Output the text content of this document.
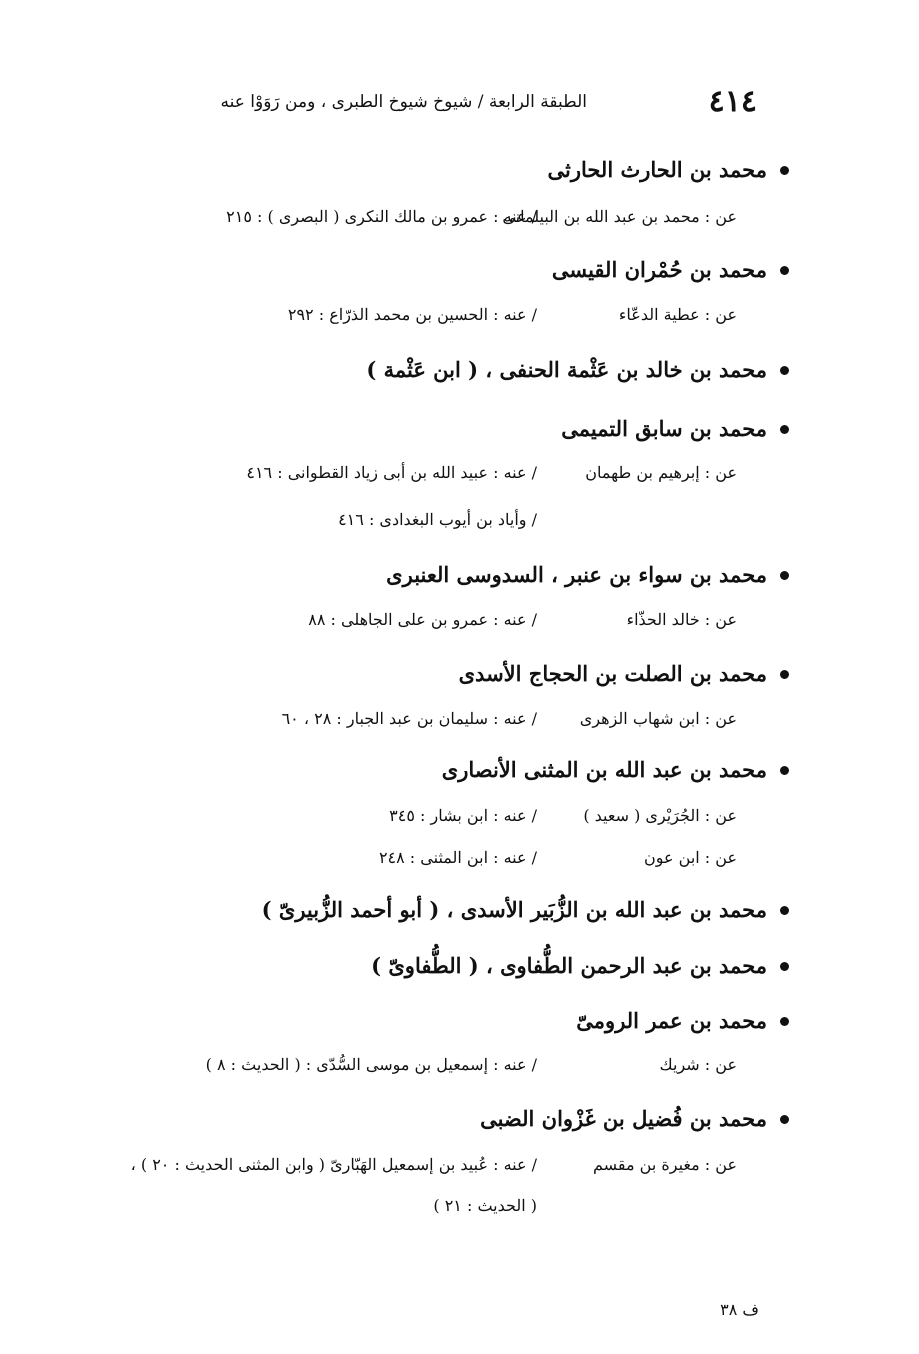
٤١٤
الطبقة الرابعة / شيوخ شيوخ الطبرى ، ومن رَوَوْا عنه
محمد بن الحارث الحارثى
عن : محمد بن عبد الله بن البيلمانى
/ عنه : عمرو بن مالك النكرى ( البصرى ) : ٢١٥
محمد بن حُمْران القيسى
عن : عطية الدعّاء
/ عنه : الحسين بن محمد الذرّاع : ٢٩٢
محمد بن خالد بن عَثْمة الحنفى ، ( ابن عَثْمة )
محمد بن سابق التميمى
عن : إبرهيم بن طهمان
/ عنه : عبيد الله بن أبى زياد القطوانى : ٤١٦
/ وأياد بن أيوب البغدادى : ٤١٦
محمد بن سواء بن عنبر ، السدوسى العنبرى
عن : خالد الحذّاء
/ عنه : عمرو بن على الجاهلى : ٨٨
محمد بن الصلت بن الحجاج الأسدى
عن : ابن شهاب الزهرى
/ عنه : سليمان بن عبد الجبار : ٢٨ ، ٦٠
محمد بن عبد الله بن المثنى الأنصارى
عن : الجُرَيْرى ( سعيد )
/ عنه : ابن بشار : ٣٤٥
عن : ابن عون
/ عنه : ابن المثنى : ٢٤٨
محمد بن عبد الله بن الزُّبَير الأسدى ، ( أبو أحمد الزُّبيرىّ )
محمد بن عبد الرحمن الطُّفاوى ، ( الطُّفاوىّ )
محمد بن عمر الرومىّ
عن : شريك
/ عنه : إسمعيل بن موسى السُّدّى : ( الحديث : ٨ )
محمد بن فُضيل بن غَزْوان الضبى
عن : مغيرة بن مقسم
/ عنه : عُبيد بن إسمعيل الهَبّارىّ ( وابن المثنى الحديث : ٢٠ ) ،
( الحديث : ٢١ )
ف ٣٨
